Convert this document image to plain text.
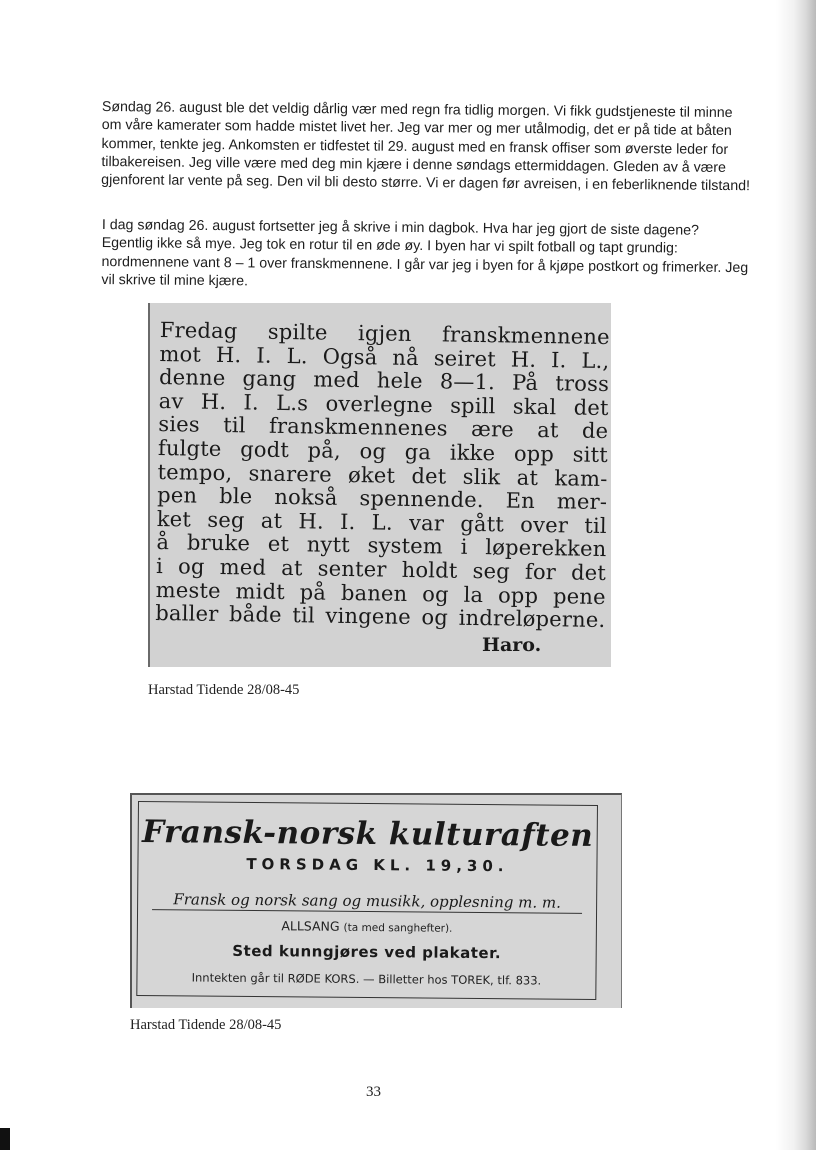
Søndag 26. august ble det veldig dårlig vær med regn fra tidlig morgen. Vi fikk gudstjeneste til minne om våre kamerater som hadde mistet livet her. Jeg var mer og mer utålmodig, det er på tide at båten kommer, tenkte jeg. Ankomsten er tidfestet til 29. august med en fransk offiser som øverste leder for tilbakereisen. Jeg ville være med deg min kjære i denne søndags ettermiddagen. Gleden av å være gjenforent lar vente på seg. Den vil bli desto større. Vi er dagen før avreisen, i en feberliknende tilstand!

I dag søndag 26. august fortsetter jeg å skrive i min dagbok. Hva har jeg gjort de siste dagene? Egentlig ikke så mye. Jeg tok en rotur til en øde øy. I byen har vi spilt fotball og tapt grundig: nordmennene vant 8 – 1 over franskmennene. I går var jeg i byen for å kjøpe postkort og frimerker. Jeg vil skrive til mine kjære.

Fredag spilte igjen franskmennene
mot H. I. L. Også nå seiret H. I. L.,
denne gang med hele 8—1. På tross
av H. I. L.s overlegne spill skal det
sies til franskmennenes ære at de
fulgte godt på, og ga ikke opp sitt
tempo, snarere øket det slik at kam-
pen ble nokså spennende. En mer-
ket seg at H. I. L. var gått over til
å bruke et nytt system i løperekken
i og med at senter holdt seg for det
meste midt på banen og la opp pene
baller både til vingene og indreløperne.
Haro.
Harstad Tidende 28/08-45
Fransk-norsk kulturaften
TORSDAG KL. 19,30.
Fransk og norsk sang og musikk, opplesning m. m.
ALLSANG (ta med sanghefter).
Sted kunngjøres ved plakater.
Inntekten går til RØDE KORS. — Billetter hos TOREK, tlf. 833.
Harstad Tidende 28/08-45
33
